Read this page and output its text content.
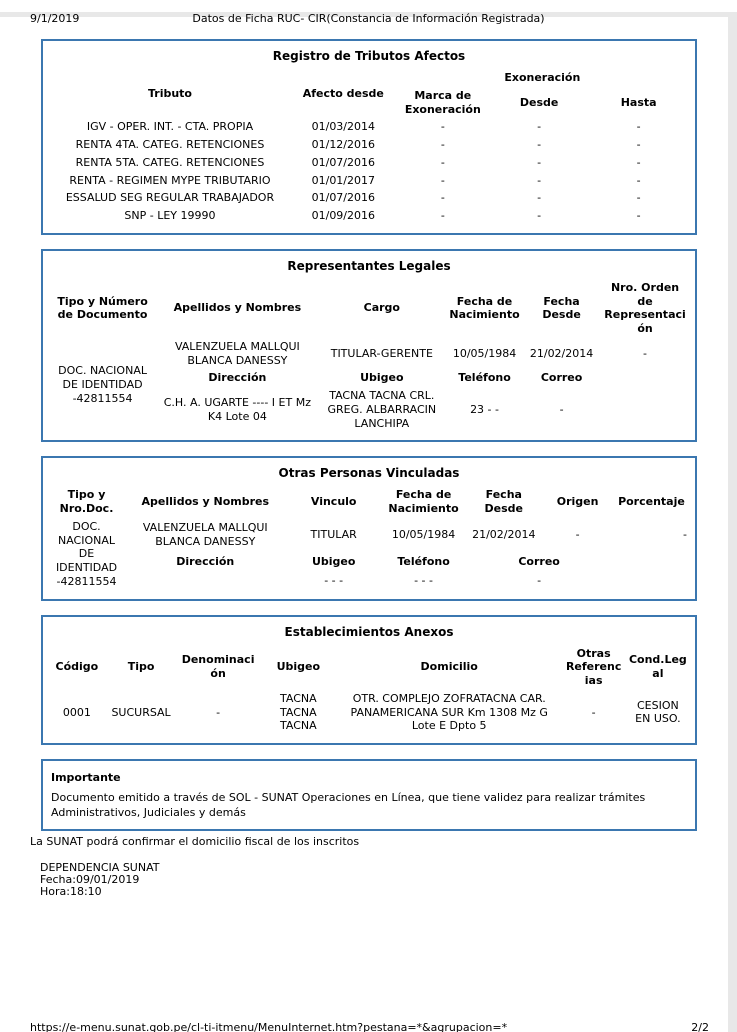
9/1/2019	Datos de Ficha RUC- CIR(Constancia de Información Registrada)
Registro de Tributos Afectos
Tributo	Afecto desde	Exoneración		
		Marca de Exoneración	Desde	Hasta
IGV - OPER. INT. - CTA. PROPIA	01/03/2014	-	-	-
RENTA 4TA. CATEG. RETENCIONES	01/12/2016	-	-	-
RENTA 5TA. CATEG. RETENCIONES	01/07/2016	-	-	-
RENTA - REGIMEN MYPE TRIBUTARIO	01/01/2017	-	-	-
ESSALUD SEG REGULAR TRABAJADOR	01/07/2016	-	-	-
SNP - LEY 19990	01/09/2016	-	-	-
Representantes Legales
Tipo y Número de Documento	Apellidos y Nombres	Cargo	Fecha de Nacimiento	Fecha Desde	Nro. Orden de Representación
DOC. NACIONAL DE IDENTIDAD -42811554	VALENZUELA MALLQUI BLANCA DANESSY	TITULAR-GERENTE	10/05/1984	21/02/2014	-
	Dirección	Ubigeo	Teléfono	Correo	
	C.H. A. UGARTE ---- I ET Mz K4 Lote 04	TACNA TACNA CRL. GREG. ALBARRACIN LANCHIPA	23 - -	-	
Otras Personas Vinculadas
Tipo y Nro.Doc.	Apellidos y Nombres	Vinculo	Fecha de Nacimiento	Fecha Desde	Origen	Porcentaje
DOC. NACIONAL DE IDENTIDAD -42811554	VALENZUELA MALLQUI BLANCA DANESSY	TITULAR	10/05/1984	21/02/2014	-	-
	Dirección	Ubigeo	Teléfono	Correo		
		- - -	- - -	-		
Establecimientos Anexos
Código	Tipo	Denominación	Ubigeo	Domicilio	Otras Referencias	Cond.Legal
0001	SUCURSAL	-	TACNA TACNA TACNA	OTR. COMPLEJO ZOFRATACNA CAR. PANAMERICANA SUR Km 1308 Mz G Lote E Dpto 5	-	CESION EN USO.
Importante
Documento emitido a través de SOL - SUNAT Operaciones en Línea, que tiene validez para realizar trámites Administrativos, Judiciales y demás
La SUNAT podrá confirmar el domicilio fiscal de los inscritos
DEPENDENCIA SUNAT
Fecha:09/01/2019
Hora:18:10
https://e-menu.sunat.gob.pe/cl-ti-itmenu/MenuInternet.htm?pestana=*&agrupacion=*	2/2
